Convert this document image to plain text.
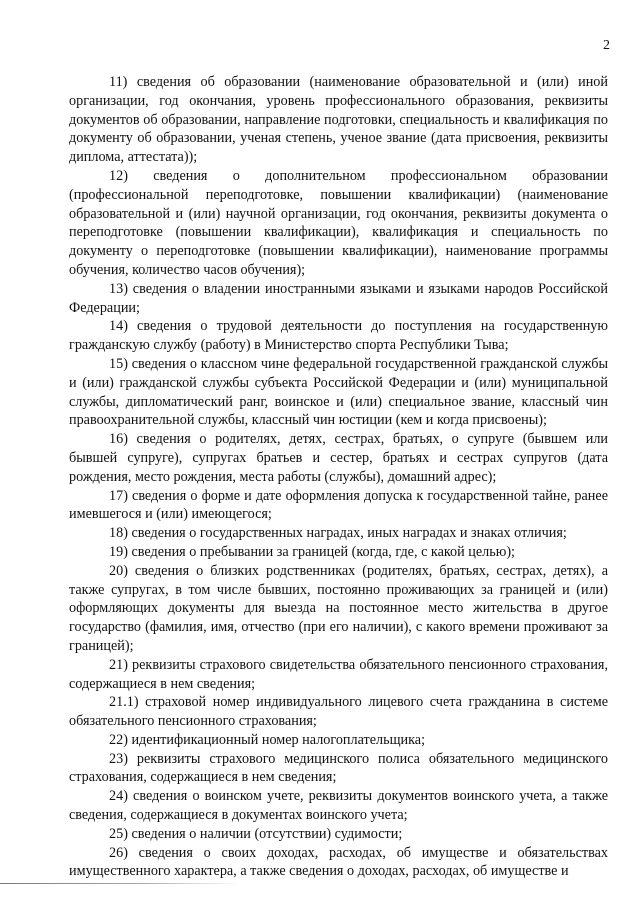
2

11) сведения об образовании (наименование образовательной и (или) иной организации, год окончания, уровень профессионального образования, реквизиты документов об образовании, направление подготовки, специальность и квалификация по документу об образовании, ученая степень, ученое звание (дата присвоения, реквизиты диплома, аттестата));

12) сведения о дополнительном профессиональном образовании (профессиональной переподготовке, повышении квалификации) (наименование образовательной и (или) научной организации, год окончания, реквизиты документа о переподготовке (повышении квалификации), квалификация и специальность по документу о переподготовке (повышении квалификации), наименование программы обучения, количество часов обучения);

13) сведения о владении иностранными языками и языками народов Российской Федерации;

14) сведения о трудовой деятельности до поступления на государственную гражданскую службу (работу) в Министерство спорта Республики Тыва;

15) сведения о классном чине федеральной государственной гражданской службы и (или) гражданской службы субъекта Российской Федерации и (или) муниципальной службы, дипломатический ранг, воинское и (или) специальное звание, классный чин правоохранительной службы, классный чин юстиции (кем и когда присвоены);

16) сведения о родителях, детях, сестрах, братьях, о супруге (бывшем или бывшей супруге), супругах братьев и сестер, братьях и сестрах супругов (дата рождения, место рождения, места работы (службы), домашний адрес);

17) сведения о форме и дате оформления допуска к государственной тайне, ранее имевшегося и (или) имеющегося;

18) сведения о государственных наградах, иных наградах и знаках отличия;

19) сведения о пребывании за границей (когда, где, с какой целью);

20) сведения о близких родственниках (родителях, братьях, сестрах, детях), а также супругах, в том числе бывших, постоянно проживающих за границей и (или) оформляющих документы для выезда на постоянное место жительства в другое государство (фамилия, имя, отчество (при его наличии), с какого времени проживают за границей);

21) реквизиты страхового свидетельства обязательного пенсионного страхования, содержащиеся в нем сведения;

21.1) страховой номер индивидуального лицевого счета гражданина в системе обязательного пенсионного страхования;

22) идентификационный номер налогоплательщика;

23) реквизиты страхового медицинского полиса обязательного медицинского страхования, содержащиеся в нем сведения;

24) сведения о воинском учете, реквизиты документов воинского учета, а также сведения, содержащиеся в документах воинского учета;

25) сведения о наличии (отсутствии) судимости;

26) сведения о своих доходах, расходах, об имуществе и обязательствах имущественного характера, а также сведения о доходах, расходах, об имуществе и
